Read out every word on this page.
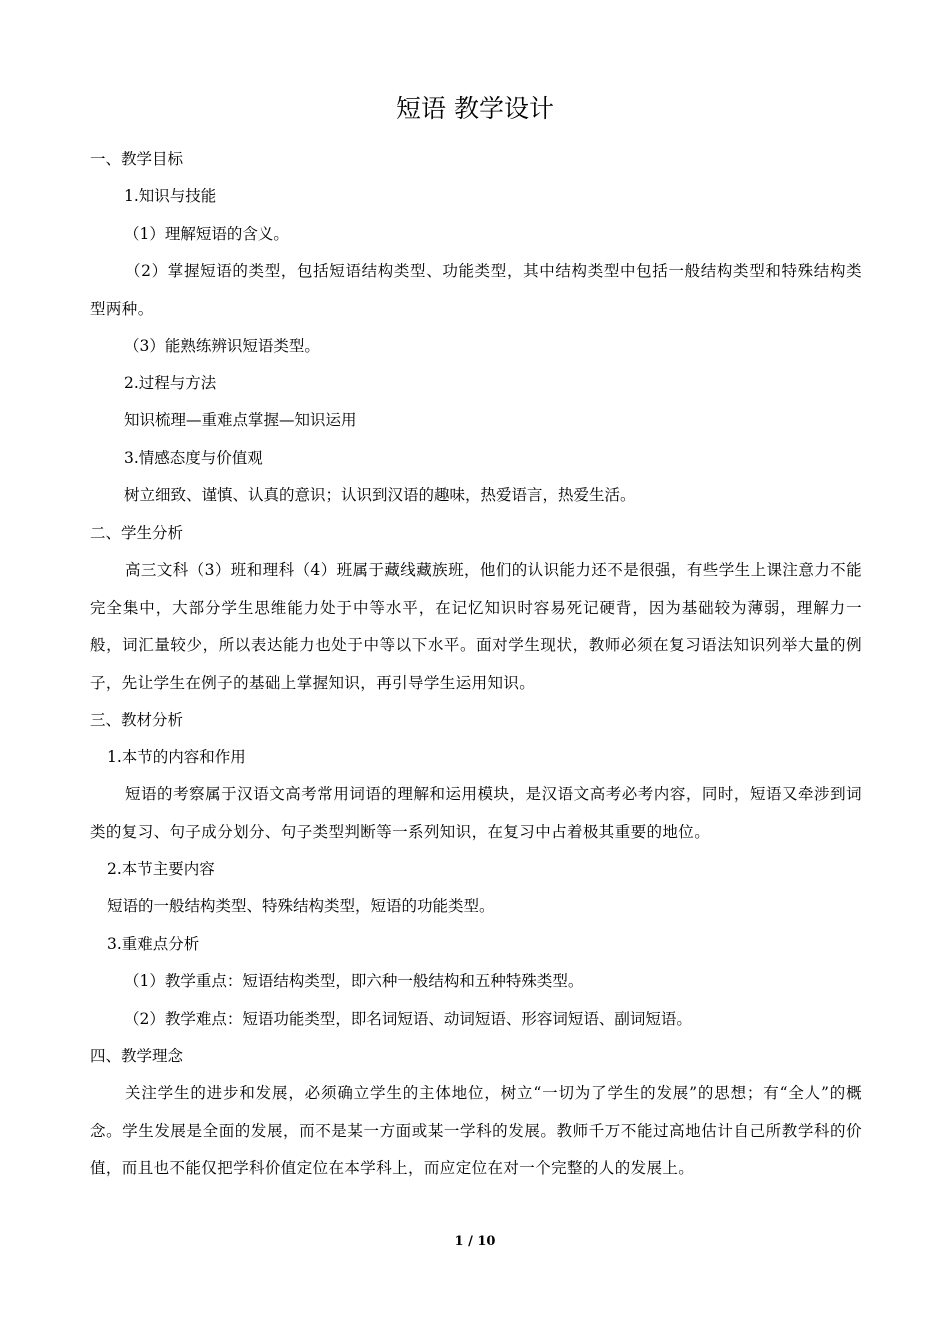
短语 教学设计

一、教学目标

1.知识与技能

（1）理解短语的含义。

（2）掌握短语的类型，包括短语结构类型、功能类型，其中结构类型中包括一般结构类型和特殊结构类型两种。

（3）能熟练辨识短语类型。

2.过程与方法

知识梳理—重难点掌握—知识运用

3.情感态度与价值观

树立细致、谨慎、认真的意识；认识到汉语的趣味，热爱语言，热爱生活。

二、学生分析

高三文科（3）班和理科（4）班属于藏线藏族班，他们的认识能力还不是很强，有些学生上课注意力不能完全集中，大部分学生思维能力处于中等水平，在记忆知识时容易死记硬背，因为基础较为薄弱，理解力一般，词汇量较少，所以表达能力也处于中等以下水平。面对学生现状，教师必须在复习语法知识列举大量的例子，先让学生在例子的基础上掌握知识，再引导学生运用知识。

三、教材分析

1.本节的内容和作用

短语的考察属于汉语文高考常用词语的理解和运用模块，是汉语文高考必考内容，同时，短语又牵涉到词类的复习、句子成分划分、句子类型判断等一系列知识，在复习中占着极其重要的地位。

2.本节主要内容

短语的一般结构类型、特殊结构类型，短语的功能类型。

3.重难点分析

（1）教学重点：短语结构类型，即六种一般结构和五种特殊类型。

（2）教学难点：短语功能类型，即名词短语、动词短语、形容词短语、副词短语。

四、教学理念

关注学生的进步和发展，必须确立学生的主体地位，树立“一切为了学生的发展”的思想；有“全人”的概念。学生发展是全面的发展，而不是某一方面或某一学科的发展。教师千万不能过高地估计自己所教学科的价值，而且也不能仅把学科价值定位在本学科上，而应定位在对一个完整的人的发展上。

1 / 10
